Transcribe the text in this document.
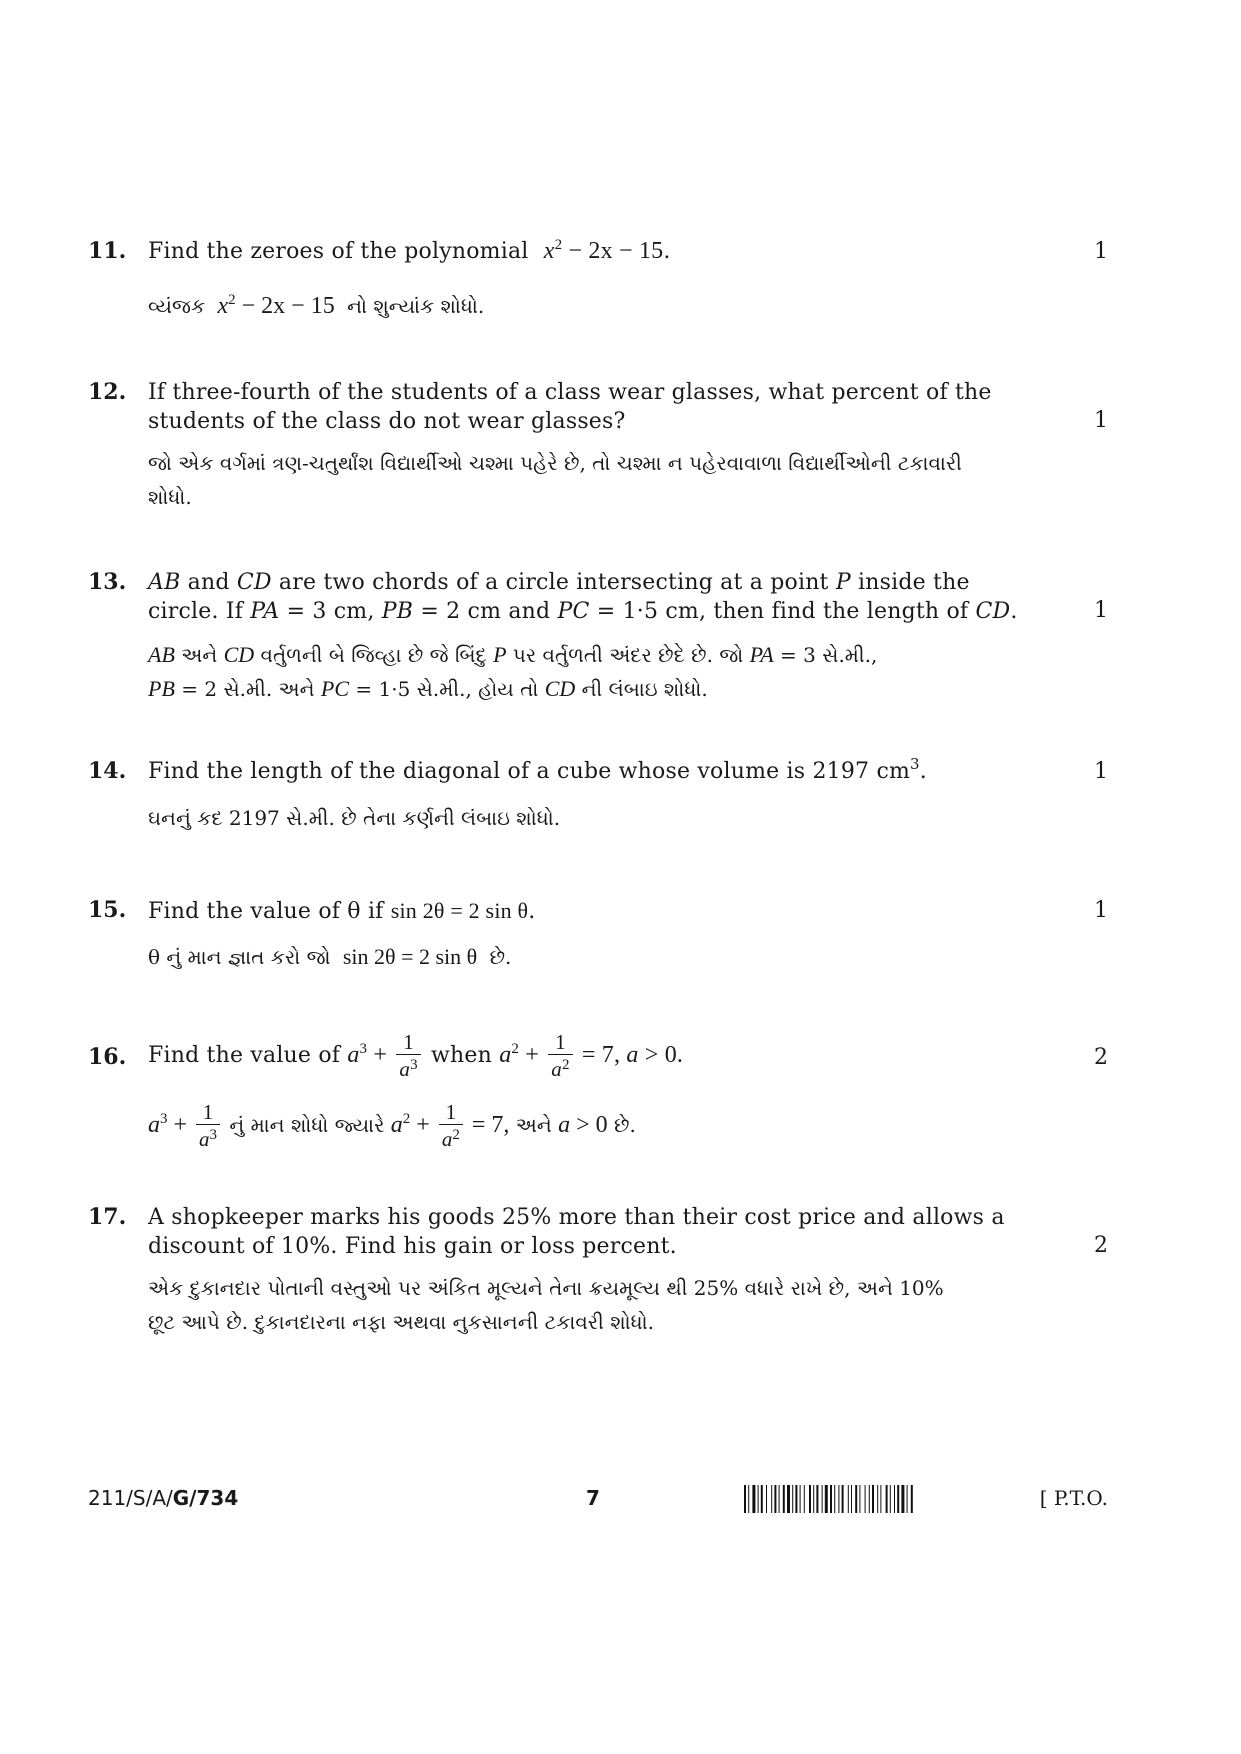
11. Find the zeroes of the polynomial $x^2 - 2x - 15$.	1
વ્યંજક $x^2 - 2x - 15$ નો શુન્યાંક શોધો.
12. If three-fourth of the students of a class wear glasses, what percent of the
students of the class do not wear glasses?	1
જો એક વર્ગમાં ત્રણ-ચતુર્થાંશ વિદ્યાર્થીઓ ચશ્મા પહેરે છે, તો ચશ્મા ન પહેરવાવાળા વિદ્યાર્થીઓની ટકાવારી
શોધો.
13. AB and CD are two chords of a circle intersecting at a point P inside the
circle. If PA = 3 cm, PB = 2 cm and PC = 1·5 cm, then find the length of CD.	1
AB અને CD વર્તુળની બે જિવ્હા છે જે બિંદુ P પર વર્તુળતી અંદર છેદે છે. જો PA = 3 સે.મી.,
PB = 2 સે.મી. અને PC = 1·5 સે.મી., હોય તો CD ની લંબાઇ શોધો.
14. Find the length of the diagonal of a cube whose volume is 2197 $cm^3$.	1
ઘનનું કદ 2197 સે.મી. છે તેના કર્ણની લંબાઇ શોધો.
15. Find the value of θ if sin 2θ = 2 sin θ.	1
θ નું માન જ્ઞાત કરો જો sin 2θ = 2 sin θ છે.
16. Find the value of $a^3 + \frac{1}{a^3}$ when $a^2 + \frac{1}{a^2} = 7$, a > 0.	2
$a^3 + \frac{1}{a^3}$ નું માન શોધો જ્યારે $a^2 + \frac{1}{a^2} = 7$, અને a > 0 છે.
17. A shopkeeper marks his goods 25% more than their cost price and allows a
discount of 10%. Find his gain or loss percent.	2
એક દુકાનદાર પોતાની વસ્તુઓ પર અંકિત મૂલ્યને તેના ક્રયમૂલ્ય થી 25% વધારે રાખે છે, અને 10%
છૂટ આપે છે. દુકાનદારના નફા અથવા નુકસાનની ટકાવરી શોધો.
211/S/A/G/734	7	[ P.T.O.
